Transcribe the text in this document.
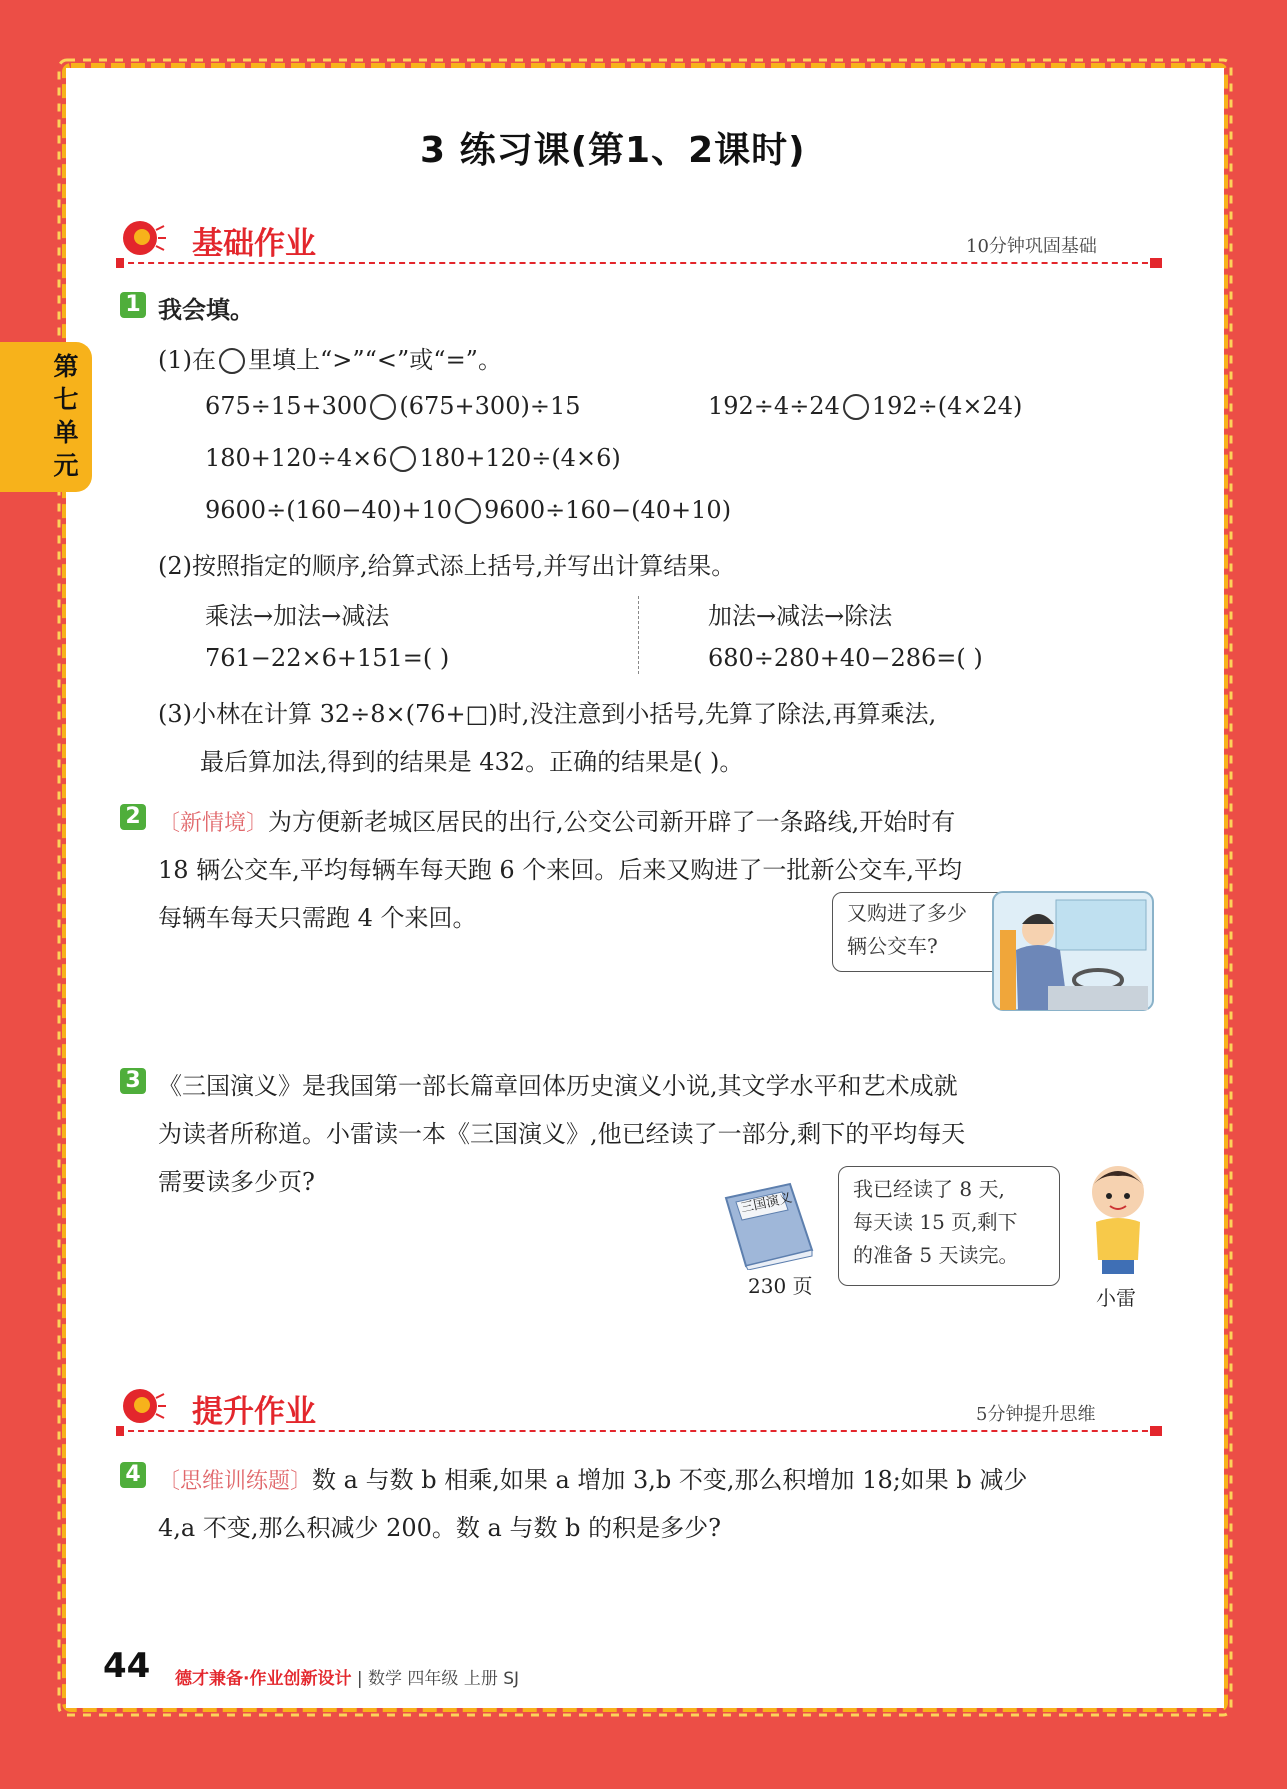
第七单元
3 练习课(第1、2课时)
基础作业	10分钟巩固基础
1 我会填。
(1)在 里填上“>”“<”或“=”。
675÷15+300 (675+300)÷15	192÷4÷24 192÷(4×24)
180+120÷4×6 180+120÷(4×6)
9600÷(160−40)+10 9600÷160−(40+10)
(2)按照指定的顺序,给算式添上括号,并写出计算结果。
乘法→加法→减法
761−22×6+151=( )
加法→减法→除法
680÷280+40−286=( )
(3)小林在计算 32÷8×(76+□)时,没注意到小括号,先算了除法,再算乘法,
最后算加法,得到的结果是 432。正确的结果是( )。
2 〔新情境〕为方便新老城区居民的出行,公交公司新开辟了一条路线,开始时有
18 辆公交车,平均每辆车每天跑 6 个来回。后来又购进了一批新公交车,平均
每辆车每天只需跑 4 个来回。	又购进了多少
辆公交车?
3 《三国演义》是我国第一部长篇章回体历史演义小说,其文学水平和艺术成就
为读者所称道。小雷读一本《三国演义》,他已经读了一部分,剩下的平均每天
需要读多少页?
三国演义
230 页
我已经读了 8 天,
每天读 15 页,剩下
的准备 5 天读完。
小雷
提升作业	5分钟提升思维
4 〔思维训练题〕数 a 与数 b 相乘,如果 a 增加 3,b 不变,那么积增加 18;如果 b 减少
4,a 不变,那么积减少 200。数 a 与数 b 的积是多少?
44 德才兼备·作业创新设计 | 数学 四年级 上册 SJ
